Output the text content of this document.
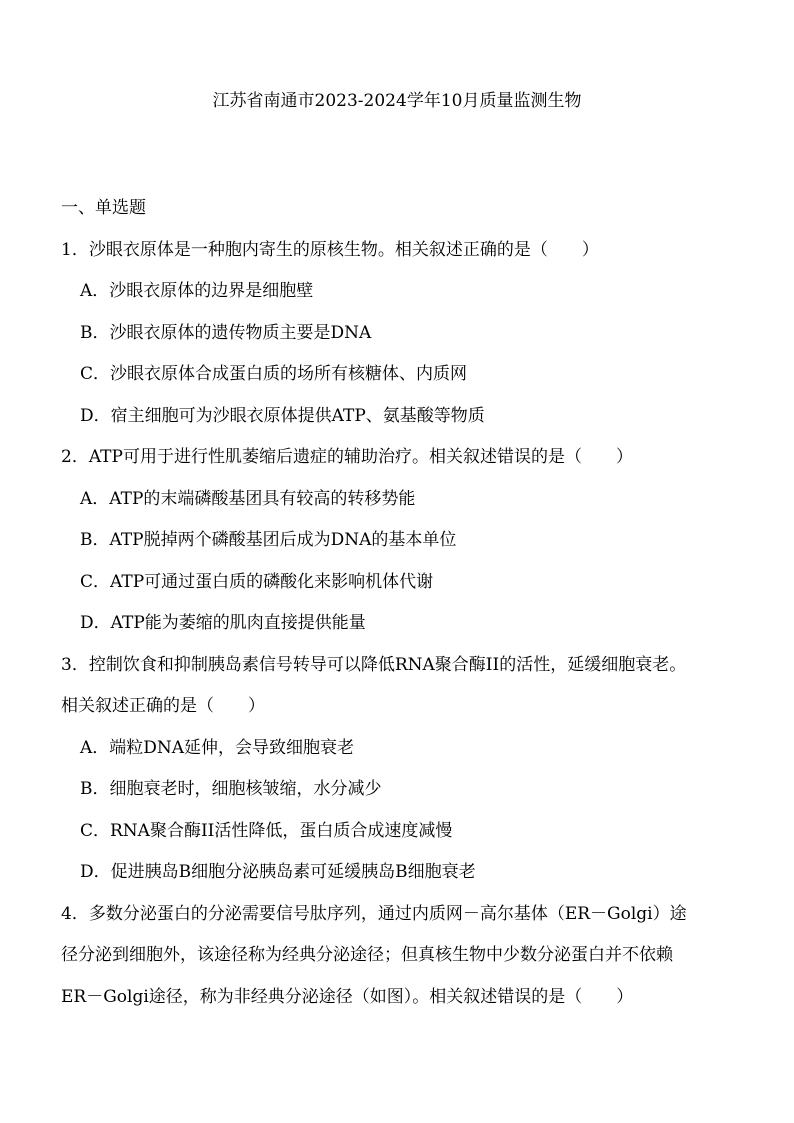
江苏省南通市2023-2024学年10月质量监测生物
一、单选题
1．沙眼衣原体是一种胞内寄生的原核生物。相关叙述正确的是（　　）
A．沙眼衣原体的边界是细胞壁
B．沙眼衣原体的遗传物质主要是DNA
C．沙眼衣原体合成蛋白质的场所有核糖体、内质网
D．宿主细胞可为沙眼衣原体提供ATP、氨基酸等物质
2．ATP可用于进行性肌萎缩后遗症的辅助治疗。相关叙述错误的是（　　）
A．ATP的末端磷酸基团具有较高的转移势能
B．ATP脱掉两个磷酸基团后成为DNA的基本单位
C．ATP可通过蛋白质的磷酸化来影响机体代谢
D．ATP能为萎缩的肌肉直接提供能量
3．控制饮食和抑制胰岛素信号转导可以降低RNA聚合酶II的活性，延缓细胞衰老。
相关叙述正确的是（　　）
A．端粒DNA延伸，会导致细胞衰老
B．细胞衰老时，细胞核皱缩，水分减少
C．RNA聚合酶II活性降低，蛋白质合成速度减慢
D．促进胰岛B细胞分泌胰岛素可延缓胰岛B细胞衰老
4．多数分泌蛋白的分泌需要信号肽序列，通过内质网－高尔基体（ER－Golgi）途
径分泌到细胞外，该途径称为经典分泌途径；但真核生物中少数分泌蛋白并不依赖
ER－Golgi途径，称为非经典分泌途径（如图）。相关叙述错误的是（　　）
